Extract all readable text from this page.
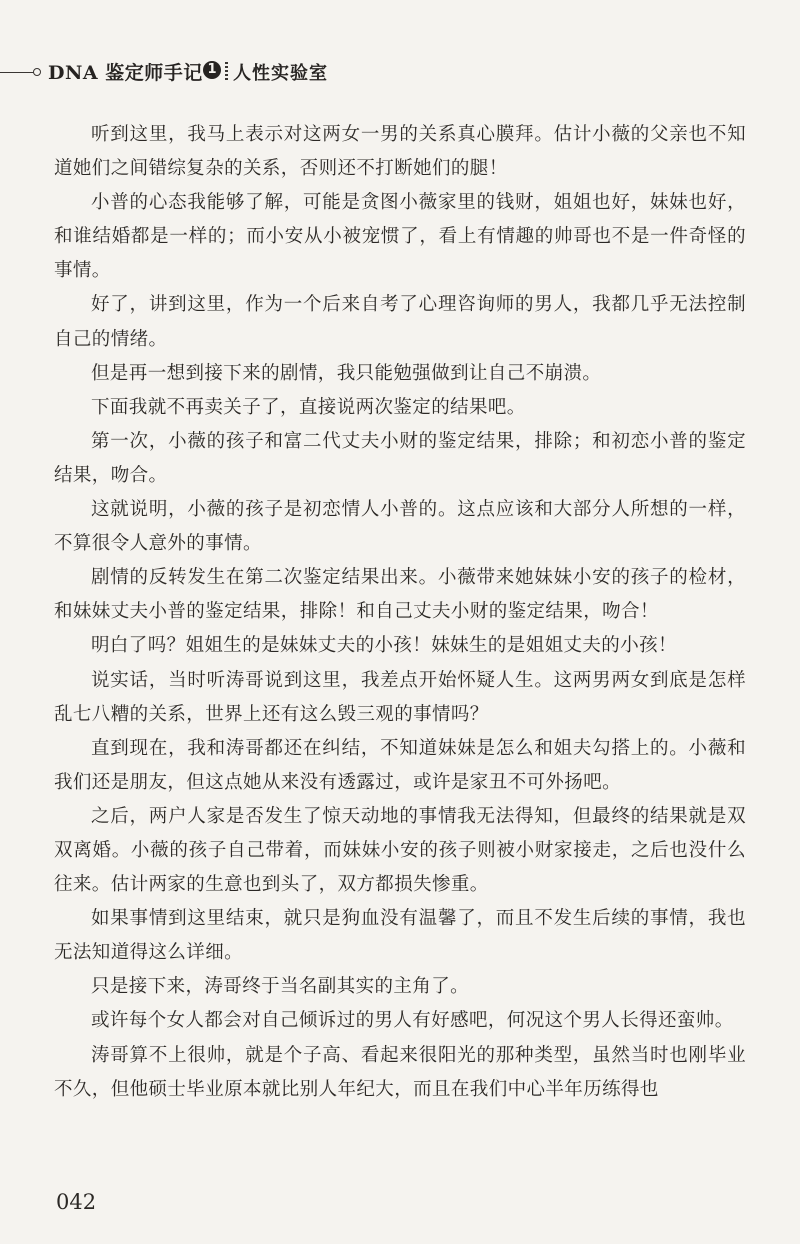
DNA 鉴定师手记 1 人性实验室

听到这里，我马上表示对这两女一男的关系真心膜拜。估计小薇的父亲也不知道她们之间错综复杂的关系，否则还不打断她们的腿！

小普的心态我能够了解，可能是贪图小薇家里的钱财，姐姐也好，妹妹也好，和谁结婚都是一样的；而小安从小被宠惯了，看上有情趣的帅哥也不是一件奇怪的事情。

好了，讲到这里，作为一个后来自考了心理咨询师的男人，我都几乎无法控制自己的情绪。

但是再一想到接下来的剧情，我只能勉强做到让自己不崩溃。

下面我就不再卖关子了，直接说两次鉴定的结果吧。

第一次，小薇的孩子和富二代丈夫小财的鉴定结果，排除；和初恋小普的鉴定结果，吻合。

这就说明，小薇的孩子是初恋情人小普的。这点应该和大部分人所想的一样，不算很令人意外的事情。

剧情的反转发生在第二次鉴定结果出来。小薇带来她妹妹小安的孩子的检材，和妹妹丈夫小普的鉴定结果，排除！和自己丈夫小财的鉴定结果，吻合！

明白了吗？姐姐生的是妹妹丈夫的小孩！妹妹生的是姐姐丈夫的小孩！

说实话，当时听涛哥说到这里，我差点开始怀疑人生。这两男两女到底是怎样乱七八糟的关系，世界上还有这么毁三观的事情吗？

直到现在，我和涛哥都还在纠结，不知道妹妹是怎么和姐夫勾搭上的。小薇和我们还是朋友，但这点她从来没有透露过，或许是家丑不可外扬吧。

之后，两户人家是否发生了惊天动地的事情我无法得知，但最终的结果就是双双离婚。小薇的孩子自己带着，而妹妹小安的孩子则被小财家接走，之后也没什么往来。估计两家的生意也到头了，双方都损失惨重。

如果事情到这里结束，就只是狗血没有温馨了，而且不发生后续的事情，我也无法知道得这么详细。

只是接下来，涛哥终于当名副其实的主角了。

或许每个女人都会对自己倾诉过的男人有好感吧，何况这个男人长得还蛮帅。

涛哥算不上很帅，就是个子高、看起来很阳光的那种类型，虽然当时也刚毕业不久，但他硕士毕业原本就比别人年纪大，而且在我们中心半年历练得也

042
